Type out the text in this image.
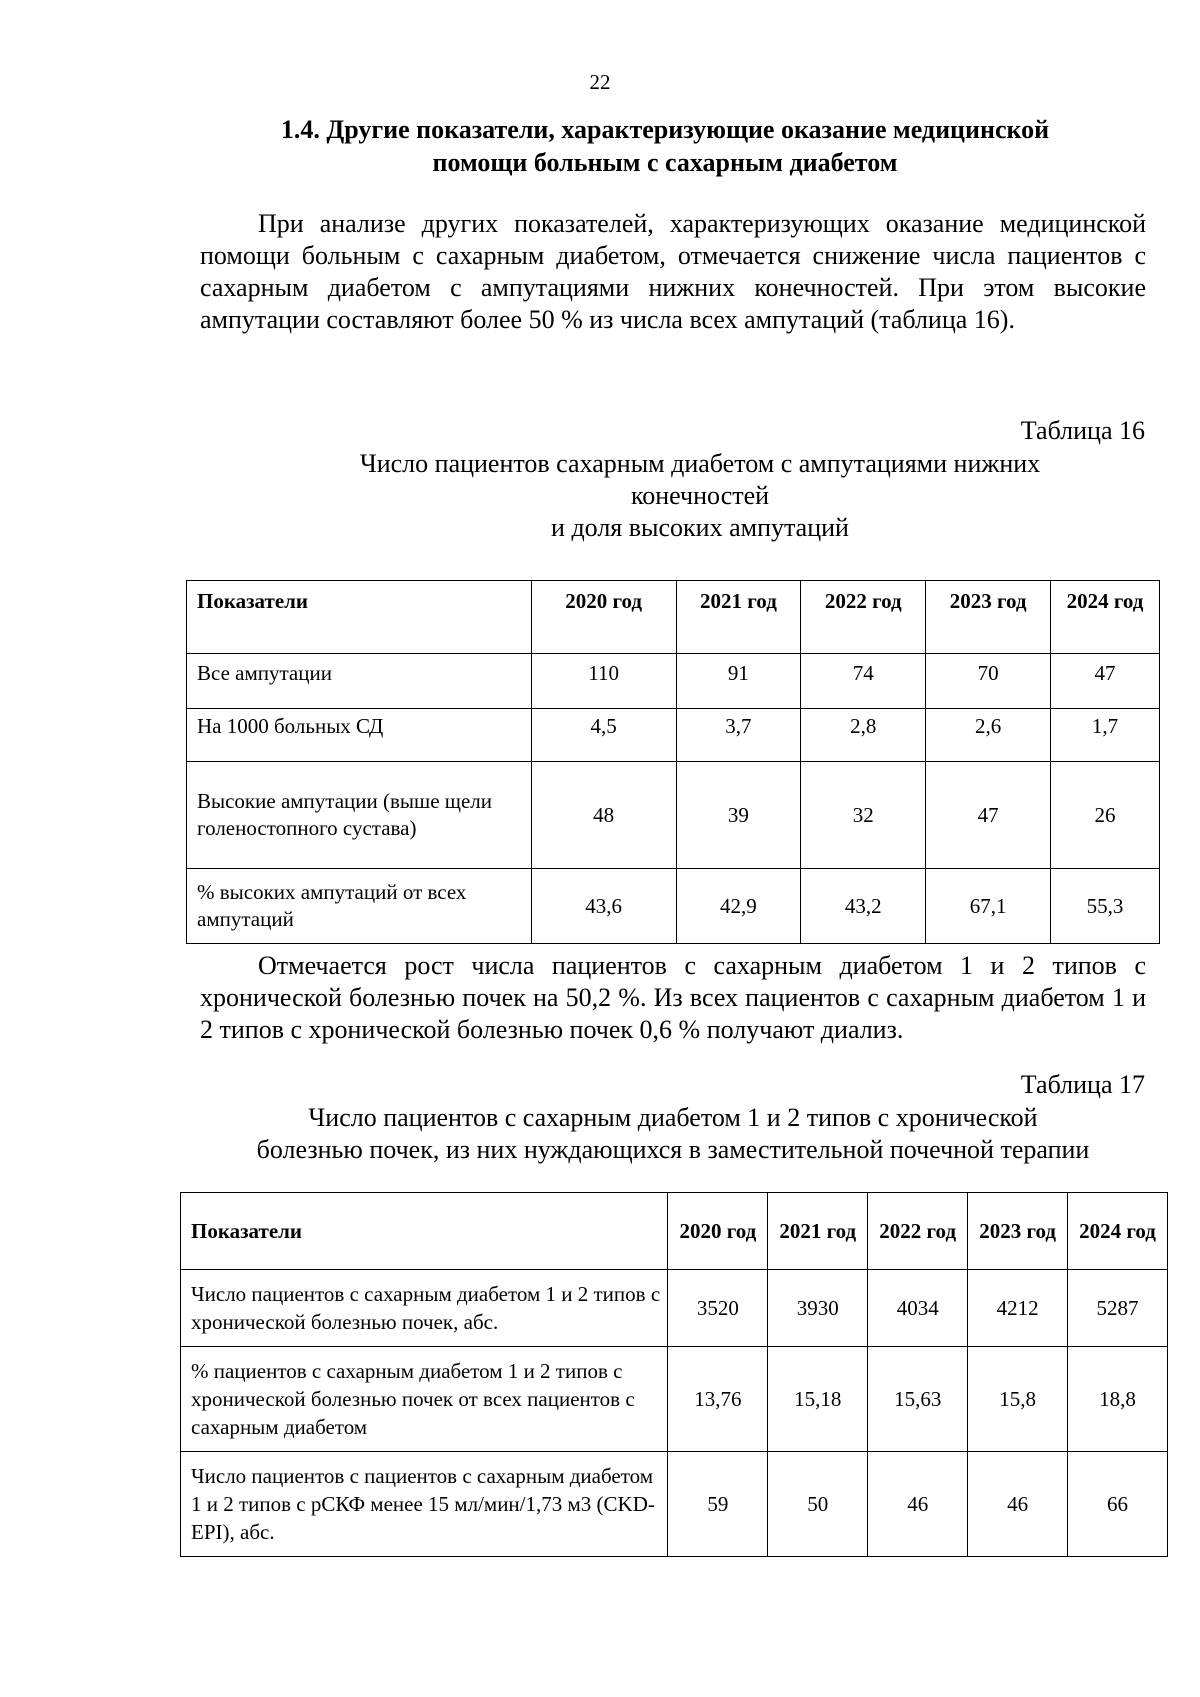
22
1.4. Другие показатели, характеризующие оказание медицинской помощи больным с сахарным диабетом

При анализе других показателей, характеризующих оказание медицинской помощи больным с сахарным диабетом, отмечается снижение числа пациентов с сахарным диабетом с ампутациями нижних конечностей. При этом высокие ампутации составляют более 50 % из числа всех ампутаций (таблица 16).

Таблица 16

Число пациентов сахарным диабетом с ампутациями нижних
конечностей
и доля высоких ампутаций
Показатели	2020 год	2021 год	2022 год	2023 год	2024 год
Все ампутации	110	91	74	70	47
На 1000 больных СД	4,5	3,7	2,8	2,6	1,7
Высокие ампутации (выше щели голеностопного сустава)	48	39	32	47	26
% высоких ампутаций от всех ампутаций	43,6	42,9	43,2	67,1	55,3

Отмечается рост числа пациентов с сахарным диабетом 1 и 2 типов с хронической болезнью почек на 50,2 %. Из всех пациентов с сахарным диабетом 1 и 2 типов с хронической болезнью почек 0,6 % получают диализ.

Таблица 17

Число пациентов с сахарным диабетом 1 и 2 типов с хронической
болезнью почек, из них нуждающихся в заместительной почечной терапии
Показатели	2020 год	2021 год	2022 год	2023 год	2024 год
Число пациентов с сахарным диабетом 1 и 2 типов с хронической болезнью почек, абс.	3520	3930	4034	4212	5287
% пациентов с сахарным диабетом 1 и 2 типов с хронической болезнью почек от всех пациентов с сахарным диабетом	13,76	15,18	15,63	15,8	18,8
Число пациентов с пациентов с сахарным диабетом 1 и 2 типов с рСКФ менее 15 мл/мин/1,73 м3 (CKD-EPI), абс.	59	50	46	46	66
